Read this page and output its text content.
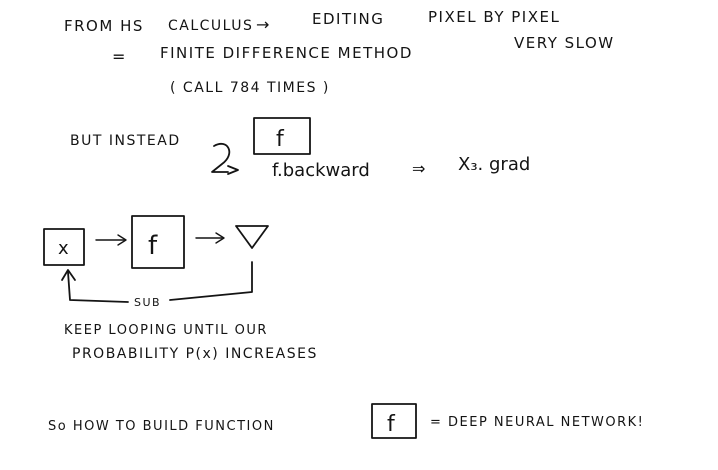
FROM HS CALCULUS →	EDITING	PIXEL BY PIXEL
= FINITE DIFFERENCE METHOD
VERY SLOW
( CALL 784 TIMES )
BUT INSTEAD	f
f.backward	⇒ X₃. grad
x	f
SUB
KEEP LOOPING UNTIL OUR
PROBABILITY P(x) INCREASES
So HOW TO BUILD FUNCTION	f	= DEEP NEURAL NETWORK!
